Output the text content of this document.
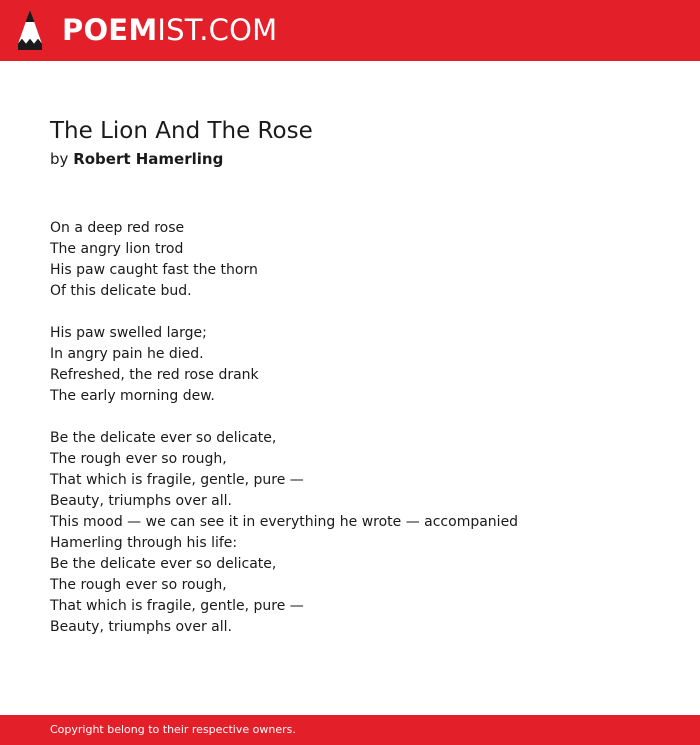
POEMIST.COM
The Lion And The Rose
by Robert Hamerling
On a deep red rose
The angry lion trod
His paw caught fast the thorn
Of this delicate bud.
His paw swelled large;
In angry pain he died.
Refreshed, the red rose drank
The early morning dew.
Be the delicate ever so delicate,
The rough ever so rough,
That which is fragile, gentle, pure —
Beauty, triumphs over all.
This mood — we can see it in everything he wrote — accompanied
Hamerling through his life:
Be the delicate ever so delicate,
The rough ever so rough,
That which is fragile, gentle, pure —
Beauty, triumphs over all.
Copyright belong to their respective owners.
